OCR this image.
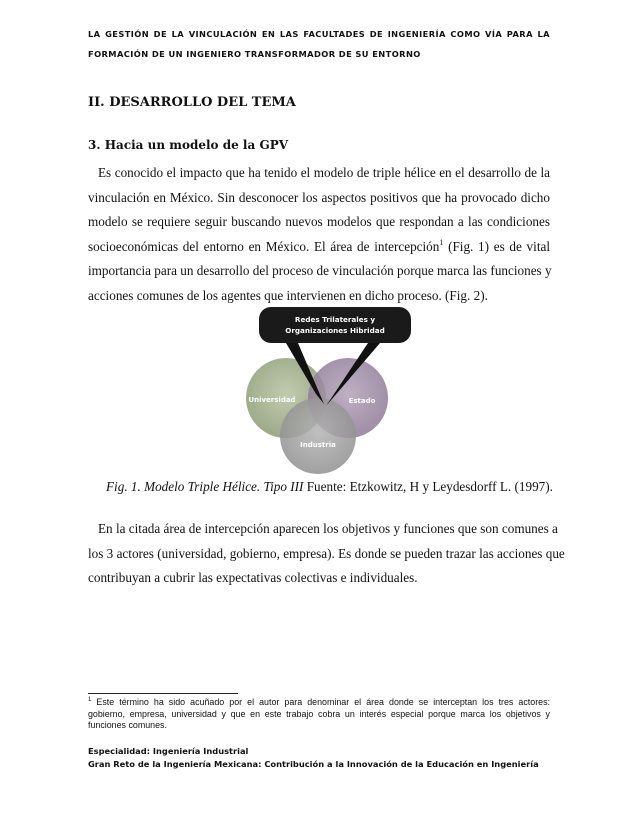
LA GESTIÓN DE LA VINCULACIÓN EN LAS FACULTADES DE INGENIERÍA COMO VÍA PARA LA
FORMACIÓN DE UN INGENIERO TRANSFORMADOR DE SU ENTORNO
II. DESARROLLO DEL TEMA
3. Hacia un modelo de la GPV
Es conocido el impacto que ha tenido el modelo de triple hélice en el desarrollo de la
vinculación en México. Sin desconocer los aspectos positivos que ha provocado dicho
modelo se requiere seguir buscando nuevos modelos que respondan a las condiciones
socioeconómicas del entorno en México. El área de intercepción$^1$ (Fig. 1) es de vital
importancia para un desarrollo del proceso de vinculación porque marca las funciones y
acciones comunes de los agentes que intervienen en dicho proceso. (Fig. 2).
Redes Trilaterales y
Organizaciones Hibridad
Universidad	Estado
Industria
Fig. 1. Modelo Triple Hélice. Tipo III Fuente: Etzkowitz, H y Leydesdorff L. (1997).
En la citada área de intercepción aparecen los objetivos y funciones que son comunes a
los 3 actores (universidad, gobierno, empresa). Es donde se pueden trazar las acciones que
contribuyan a cubrir las expectativas colectivas e individuales.
$^1$ Este término ha sido acuñado por el autor para denominar el área donde se interceptan los tres actores:
gobierno, empresa, universidad y que en este trabajo cobra un interés especial porque marca los objetivos y
funciones comunes.
Especialidad: Ingeniería Industrial
Gran Reto de la Ingeniería Mexicana: Contribución a la Innovación de la Educación en Ingeniería
